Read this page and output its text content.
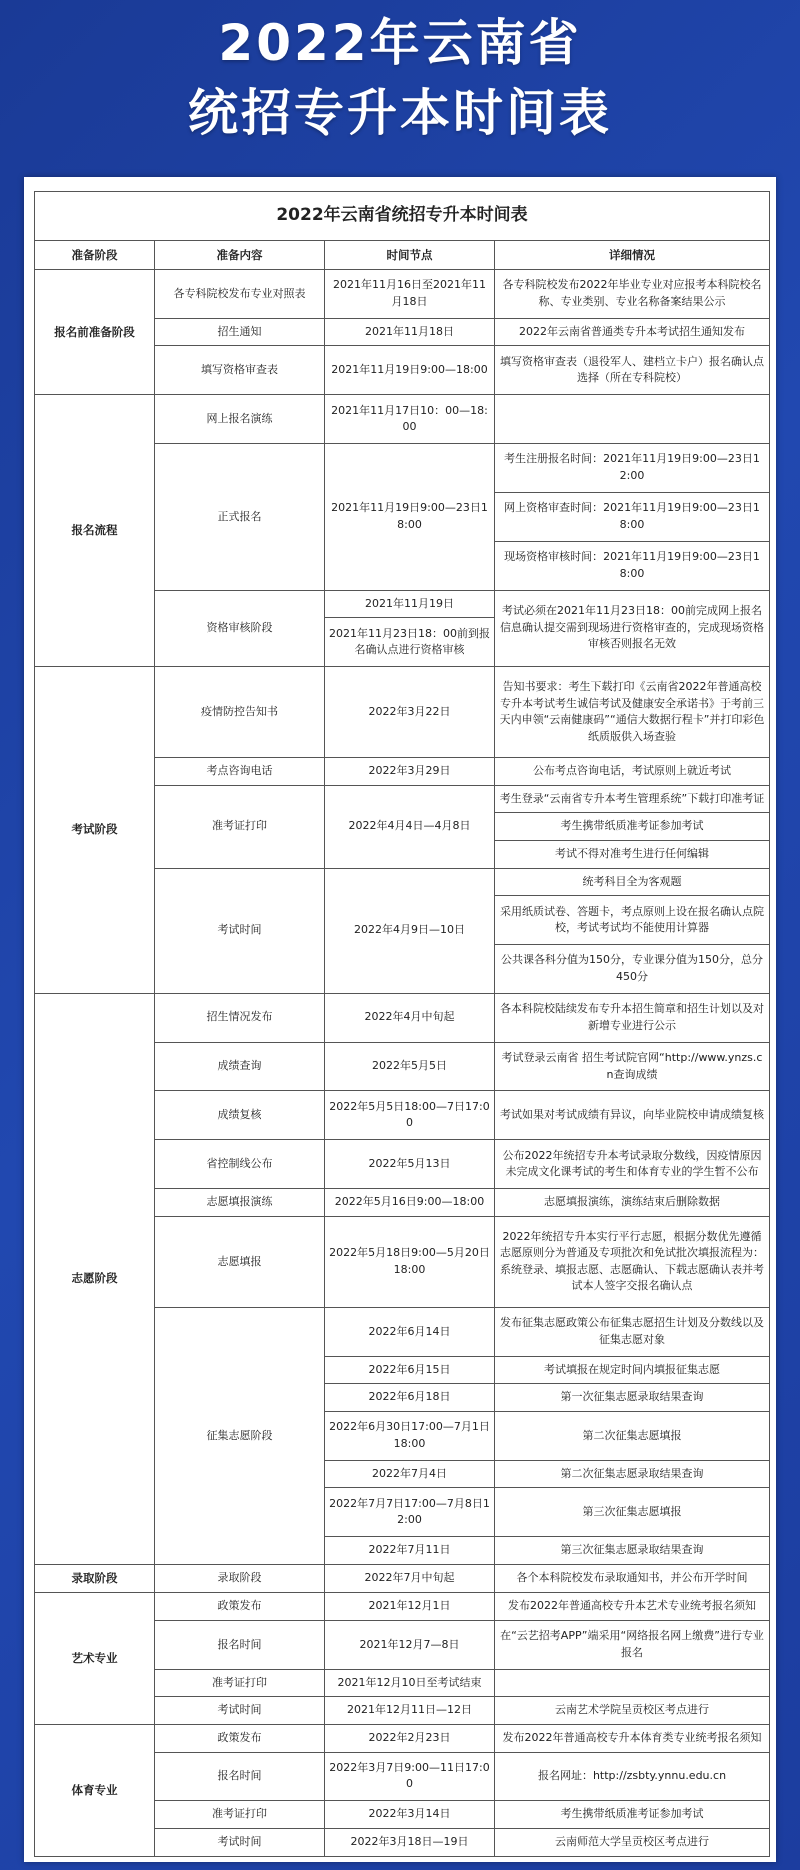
2022年云南省
统招专升本时间表
2022年云南省统招专升本时间表			
准备阶段	准备内容	时间节点	详细情况
报名前准备阶段	各专科院校发布专业对照表	2021年11月16日至2021年11月18日	各专科院校发布2022年毕业专业对应报考本科院校名称、专业类别、专业名称备案结果公示
	招生通知	2021年11月18日	2022年云南省普通类专升本考试招生通知发布
	填写资格审查表	2021年11月19日9:00—18:00	填写资格审查表（退役军人、建档立卡户）报名确认点选择（所在专科院校）
报名流程	网上报名演练	2021年11月17日10：00—18:00	
	正式报名	2021年11月19日9:00—23日18:00	考生注册报名时间：2021年11月19日9:00—23日12:00
			网上资格审查时间：2021年11月19日9:00—23日18:00
			现场资格审核时间：2021年11月19日9:00—23日18:00
	资格审核阶段	2021年11月19日	考试必须在2021年11月23日18：00前完成网上报名信息确认提交需到现场进行资格审查的，完成现场资格审核否则报名无效
		2021年11月23日18：00前到报名确认点进行资格审核	
考试阶段	疫情防控告知书	2022年3月22日	告知书要求：考生下载打印《云南省2022年普通高校专升本考试考生诚信考试及健康安全承诺书》于考前三天内申领“云南健康码”“通信大数据行程卡”并打印彩色纸质版供入场查验
	考点咨询电话	2022年3月29日	公布考点咨询电话，考试原则上就近考试
	准考证打印	2022年4月4日—4月8日	考生登录“云南省专升本考生管理系统”下载打印准考证
			考生携带纸质准考证参加考试
			考试不得对准考生进行任何编辑
	考试时间	2022年4月9日—10日	统考科目全为客观题
			采用纸质试卷、答题卡，考点原则上设在报名确认点院校，考试考试均不能使用计算器
			公共课各科分值为150分，专业课分值为150分，总分450分
志愿阶段	招生情况发布	2022年4月中旬起	各本科院校陆续发布专升本招生简章和招生计划以及对新增专业进行公示
	成绩查询	2022年5月5日	考试登录云南省 招生考试院官网“http://www.ynzs.cn查询成绩
	成绩复核	2022年5月5日18:00—7日17:00	考试如果对考试成绩有异议，向毕业院校申请成绩复核
	省控制线公布	2022年5月13日	公布2022年统招专升本考试录取分数线，因疫情原因未完成文化课考试的考生和体育专业的学生暂不公布
	志愿填报演练	2022年5月16日9:00—18:00	志愿填报演练，演练结束后删除数据
	志愿填报	2022年5月18日9:00—5月20日18:00	2022年统招专升本实行平行志愿，根据分数优先遵循志愿原则分为普通及专项批次和免试批次填报流程为：系统登录、填报志愿、志愿确认、下载志愿确认表并考试本人签字交报名确认点
	征集志愿阶段	2022年6月14日	发布征集志愿政策公布征集志愿招生计划及分数线以及征集志愿对象
		2022年6月15日	考试填报在规定时间内填报征集志愿
		2022年6月18日	第一次征集志愿录取结果查询
		2022年6月30日17:00—7月1日18:00	第二次征集志愿填报
		2022年7月4日	第二次征集志愿录取结果查询
		2022年7月7日17:00—7月8日12:00	第三次征集志愿填报
		2022年7月11日	第三次征集志愿录取结果查询
录取阶段	录取阶段	2022年7月中旬起	各个本科院校发布录取通知书，并公布开学时间
艺术专业	政策发布	2021年12月1日	发布2022年普通高校专升本艺术专业统考报名须知
	报名时间	2021年12月7—8日	在“云艺招考APP”端采用“网络报名网上缴费”进行专业报名
	准考证打印	2021年12月10日至考试结束	
	考试时间	2021年12月11日—12日	云南艺术学院呈贡校区考点进行
体育专业	政策发布	2022年2月23日	发布2022年普通高校专升本体育类专业统考报名须知
	报名时间	2022年3月7日9:00—11日17:00	报名网址：http://zsbty.ynnu.edu.cn
	准考证打印	2022年3月14日	考生携带纸质准考证参加考试
	考试时间	2022年3月18日—19日	云南师范大学呈贡校区考点进行
